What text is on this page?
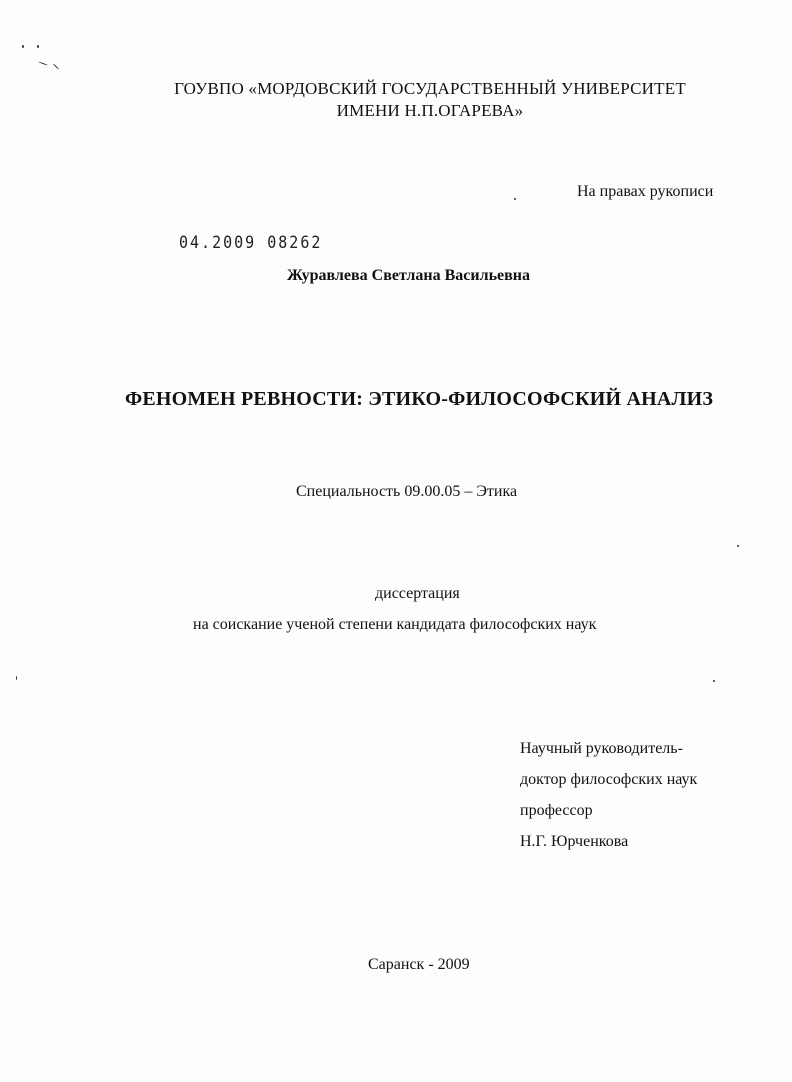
ГОУВПО «МОРДОВСКИЙ ГОСУДАРСТВЕННЫЙ УНИВЕРСИТЕТ
ИМЕНИ Н.П.ОГАРЕВА»
На правах рукописи
04.2009 08262
Журавлева Светлана Васильевна
ФЕНОМЕН РЕВНОСТИ: ЭТИКО-ФИЛОСОФСКИЙ АНАЛИЗ
Специальность 09.00.05 – Этика
диссертация
на соискание ученой степени кандидата философских наук
Научный руководитель-
доктор философских наук
профессор
Н.Г. Юрченкова
Саранск - 2009
